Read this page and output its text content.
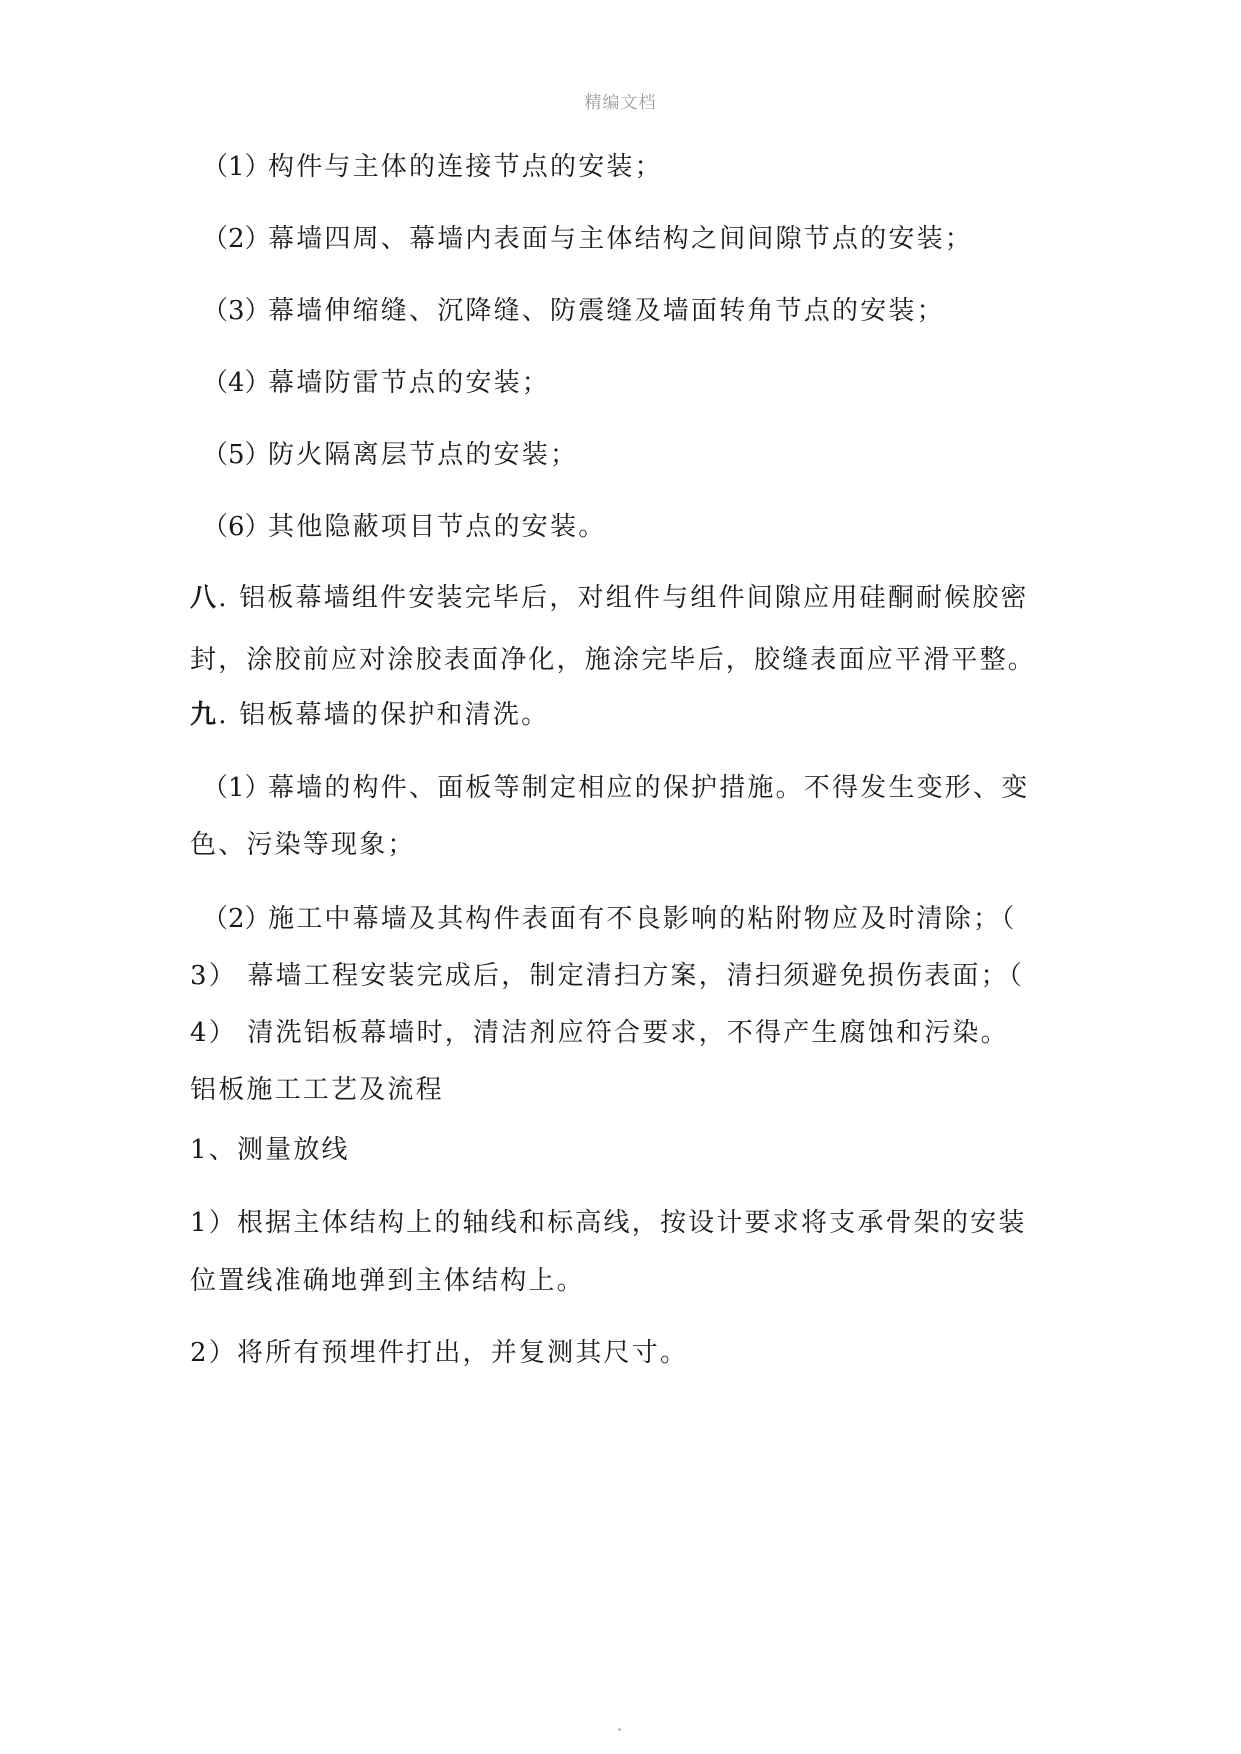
精编文档
（1）构件与主体的连接节点的安装；
（2）幕墙四周、幕墙内表面与主体结构之间间隙节点的安装；
（3）幕墙伸缩缝、沉降缝、防震缝及墙面转角节点的安装；
（4）幕墙防雷节点的安装；
（5）防火隔离层节点的安装；
（6）其他隐蔽项目节点的安装。
八. 铝板幕墙组件安装完毕后，对组件与组件间隙应用硅酮耐候胶密
封，涂胶前应对涂胶表面净化，施涂完毕后，胶缝表面应平滑平整。
九. 铝板幕墙的保护和清洗。
（1）幕墙的构件、面板等制定相应的保护措施。不得发生变形、变
色、污染等现象；
（2）施工中幕墙及其构件表面有不良影响的粘附物应及时清除；（
3） 幕墙工程安装完成后，制定清扫方案，清扫须避免损伤表面；（
4） 清洗铝板幕墙时，清洁剂应符合要求，不得产生腐蚀和污染。
铝板施工工艺及流程
1、测量放线
1）根据主体结构上的轴线和标高线，按设计要求将支承骨架的安装
位置线准确地弹到主体结构上。
2）将所有预埋件打出，并复测其尺寸。
